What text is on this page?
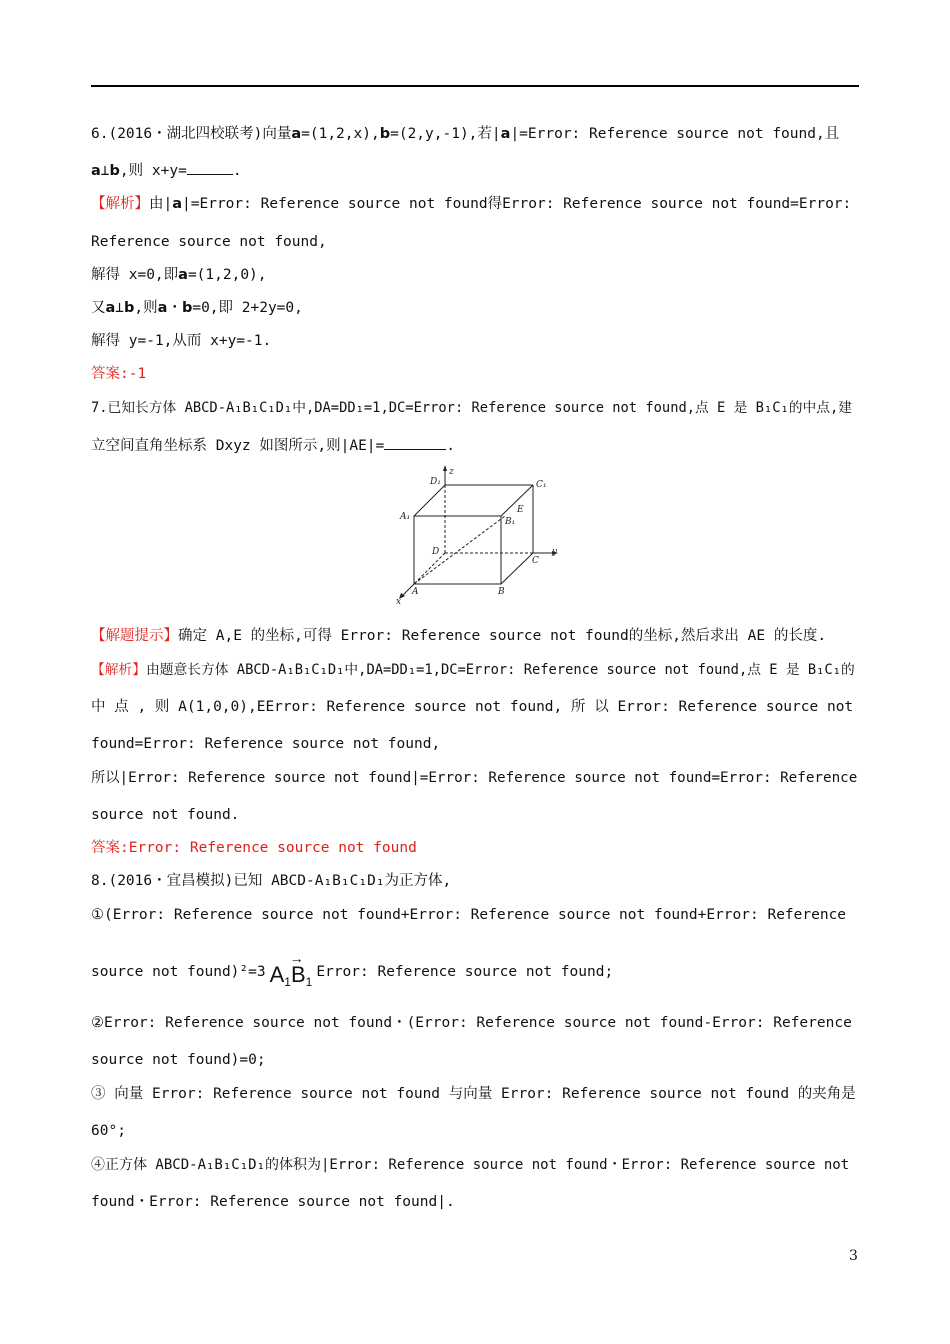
6.(2016・湖北四校联考)向量a=(1,2,x),b=(2,y,-1),若|a|=Error: Reference source not found,且
a⊥b,则 x+y=	.
【解析】由|a|=Error: Reference source not found得Error: Reference source not found=Error:
Reference source not found,
解得 x=0,即a=(1,2,0),
又a⊥b,则a・b=0,即 2+2y=0,
解得 y=-1,从而 x+y=-1.
答案:-1
7.已知长方体 ABCD-A₁B₁C₁D₁中,DA=DD₁=1,DC=Error: Reference source not found,点 E 是 B₁C₁的中点,建
立空间直角坐标系 Dxyz 如图所示,则|AE|=	.
z
D₁	C₁
A₁	B₁
E
D	y
C
A	B
x
【解题提示】确定 A,E 的坐标,可得 Error: Reference source not found的坐标,然后求出 AE 的长度.
【解析】由题意长方体 ABCD-A₁B₁C₁D₁中,DA=DD₁=1,DC=Error: Reference source not found,点 E 是 B₁C₁的
中 点 , 则 A(1,0,0),EError: Reference source not found, 所 以 Error: Reference source not
found=Error: Reference source not found,
所以|Error: Reference source not found|=Error: Reference source not found=Error: Reference
source not found.
答案:Error: Reference source not found
8.(2016・宜昌模拟)已知 ABCD-A₁B₁C₁D₁为正方体,
①(Error: Reference source not found+Error: Reference source not found+Error: Reference
source not found)²=3
→
$A_1B_1Error$: Reference source not found;
②Error: Reference source not found・(Error: Reference source not found-Error: Reference
source not found)=0;
③ 向量 Error: Reference source not found 与向量 Error: Reference source not found 的夹角是
60°;
④正方体 ABCD-A₁B₁C₁D₁的体积为|Error: Reference source not found・Error: Reference source not
found・Error: Reference source not found|.
3
